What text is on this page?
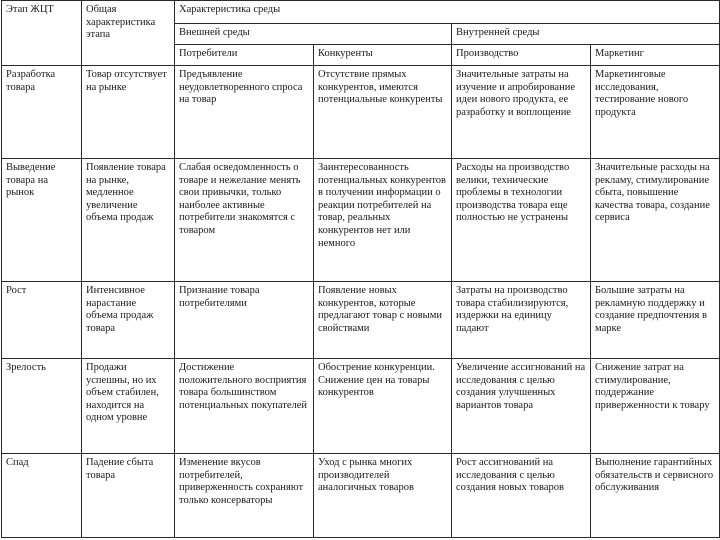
Этап ЖЦТ	Общая характеристика этапа	Характеристика среды			
		Внешней среды		Внутренней среды	
		Потребители	Конкуренты	Производство	Маркетинг
Разработка товара	Товар отсутствует на рынке	Предъявление неудовлетворенного спроса на товар	Отсутствие прямых конкурентов, имеются потенциальные конкуренты	Значительные затраты на изучение и апробирование идеи нового продукта, ее разработку и воплощение	Маркетинговые исследования, тестирование нового продукта
Выведение товара на рынок	Появление товара на рынке, медленное увеличение объема продаж	Слабая осведомленность о товаре и нежелание менять свои привычки, только наиболее активные потребители знакомятся с товаром	Заинтересованность потенциальных конкурентов в получении информации о реакции потребителей на товар, реальных конкурентов нет или немного	Расходы на производство велики, технические проблемы в технологии производства товара еще полностью не устранены	Значительные расходы на рекламу, стимулирование сбыта, повышение качества товара, создание сервиса
Рост	Интенсивное нарастание объема продаж товара	Признание товара потребителями	Появление новых конкурентов, которые предлагают товар с новыми свойствами	Затраты на производство товара стабилизируются, издержки на единицу падают	Большие затраты на рекламную поддержку и создание предпочтения в марке
Зрелость	Продажи успешны, но их объем стабилен, находится на одном уровне	Достижение положительного восприятия товара большинством потенциальных покупателей	Обострение конкуренции. Снижение цен на товары конкурентов	Увеличение ассигнований на исследования с целью создания улучшенных вариантов товара	Снижение затрат на стимулирование, поддержание приверженности к товару
Спад	Падение сбыта товара	Изменение вкусов потребителей, приверженность сохраняют только консерваторы	Уход с рынка многих производителей аналогичных товаров	Рост ассигнований на исследования с целью создания новых товаров	Выполнение гарантийных обязательств и сервисного обслуживания
